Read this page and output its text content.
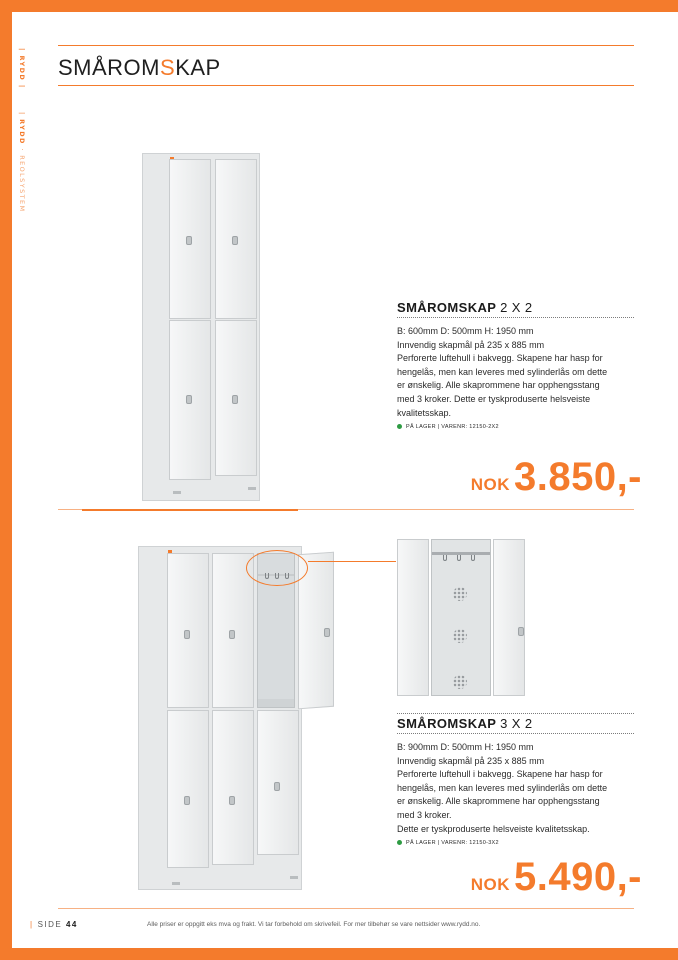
| RYDD |
| RYDD · REOLSYSTEM
SMÅROMSKAP
SMÅROMSKAP 2 X 2
B: 600mm D: 500mm H: 1950 mm
Innvendig skapmål på 235 x 885 mm
Perforerte luftehull i bakvegg. Skapene har hasp for
hengelås, men kan leveres med sylinderlås om dette
er ønskelig. Alle skaprommene har opphengsstang
med 3 kroker. Dette er tyskproduserte helsveiste
kvalitetsskap.
PÅ LAGER | VARENR: 12150-2X2
NOK 3.850,-
SMÅROMSKAP 3 X 2
B: 900mm D: 500mm H: 1950 mm
Innvendig skapmål på 235 x 885 mm
Perforerte luftehull i bakvegg. Skapene har hasp for
hengelås, men kan leveres med sylinderlås om dette
er ønskelig. Alle skaprommene har opphengsstang
med 3 kroker.
Dette er tyskproduserte helsveiste kvalitetsskap.
PÅ LAGER | VARENR: 12150-3X2
NOK 5.490,-
| SIDE 44	Alle priser er oppgitt eks mva og frakt. Vi tar forbehold om skrivefeil. For mer tilbehør se vare nettsider www.rydd.no.
